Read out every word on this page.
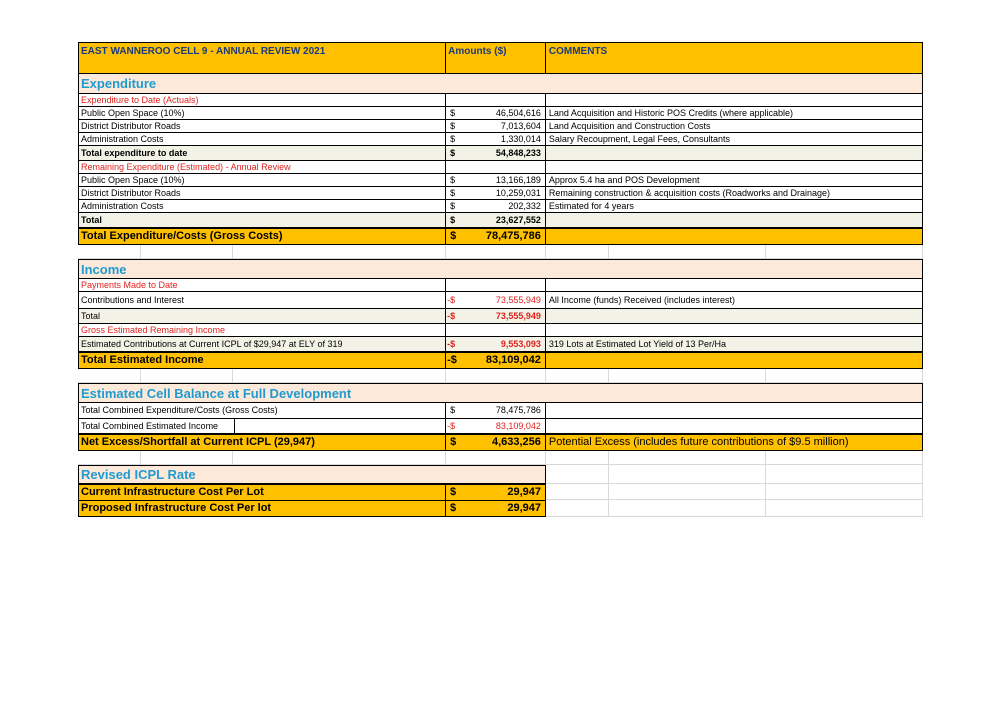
EAST WANNEROO CELL 9 - ANNUAL REVIEW 2021	Amounts ($)	COMMENTS
Expenditure
Expenditure to Date (Actuals)
Public Open Space (10%)	$	46,504,616 Land Acquisition and Historic POS Credits (where applicable)
District Distributor Roads	$	7,013,604 Land Acquisition and Construction Costs
Administration Costs	$	1,330,014 Salary Recoupment, Legal Fees, Consultants
Total expenditure to date	$	54,848,233
Remaining Expenditure (Estimated) - Annual Review
Public Open Space (10%)	$	13,166,189 Approx 5.4 ha and POS Development
District Distributor Roads	$	10,259,031 Remaining construction & acquisition costs (Roadworks and Drainage)
Administration Costs	$	202,332 Estimated for 4 years
Total	$	23,627,552
Total Expenditure/Costs (Gross Costs)	$	78,475,786
Income
Payments Made to Date
Contributions and Interest	-$	73,555,949 All Income (funds) Received (includes interest)
Total	-$	73,555,949
Gross Estimated Remaining Income
Estimated Contributions at Current ICPL of $29,947 at ELY of 319	-$	9,553,093 319 Lots at Estimated Lot Yield of 13 Per/Ha
Total Estimated Income	-$	83,109,042
Estimated Cell Balance at Full Development
Total Combined Expenditure/Costs (Gross Costs)	$	78,475,786
Total Combined Estimated Income	-$	83,109,042
Net Excess/Shortfall at Current ICPL (29,947)	$	4,633,256 Potential Excess (includes future contributions of $9.5 million)
Revised ICPL Rate
Current Infrastructure Cost Per Lot	$	29,947
Proposed Infrastructure Cost Per lot	$	29,947
